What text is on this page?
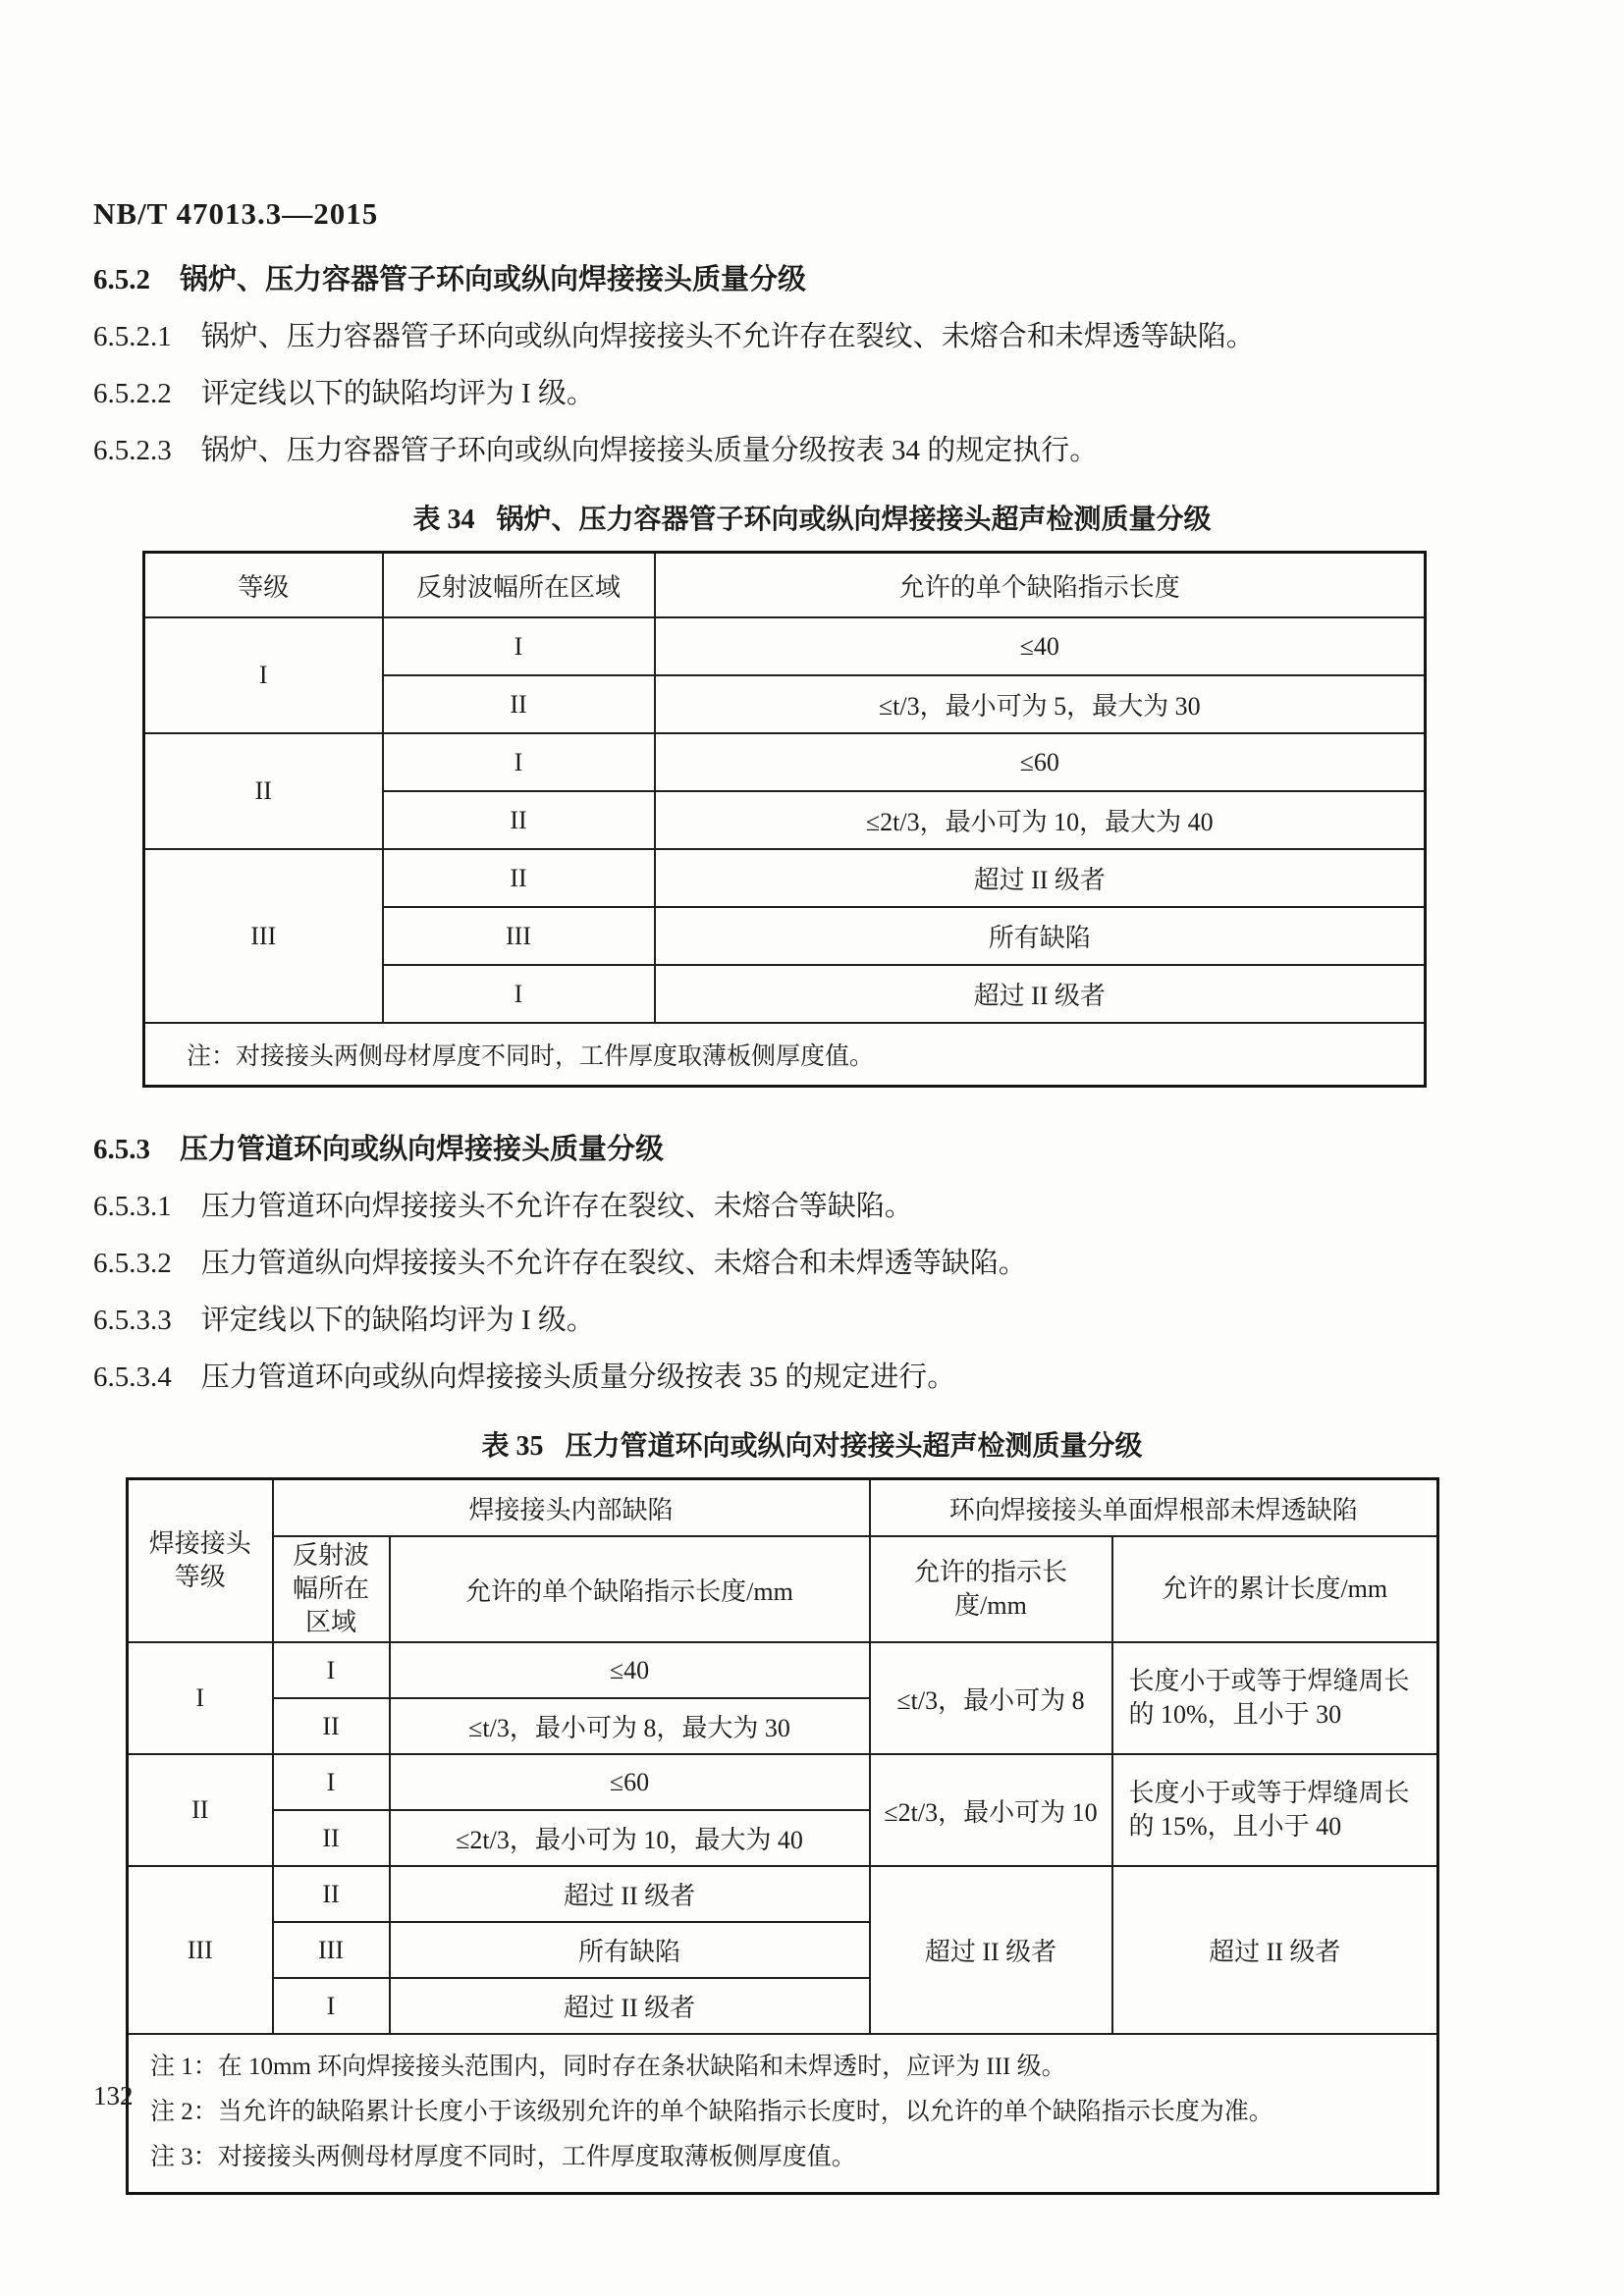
NB/T 47013.3—2015
6.5.2 锅炉、压力容器管子环向或纵向焊接接头质量分级
6.5.2.1 锅炉、压力容器管子环向或纵向焊接接头不允许存在裂纹、未熔合和未焊透等缺陷。
6.5.2.2 评定线以下的缺陷均评为 I 级。
6.5.2.3 锅炉、压力容器管子环向或纵向焊接接头质量分级按表 34 的规定执行。
表 34 锅炉、压力容器管子环向或纵向焊接接头超声检测质量分级
等级	反射波幅所在区域	允许的单个缺陷指示长度
I	I	≤40
	II	≤t/3，最小可为 5，最大为 30
II	I	≤60
	II	≤2t/3，最小可为 10，最大为 40
III	II	超过 II 级者
	III	所有缺陷
	I	超过 II 级者
注：对接接头两侧母材厚度不同时，工件厚度取薄板侧厚度值。		
6.5.3 压力管道环向或纵向焊接接头质量分级
6.5.3.1 压力管道环向焊接接头不允许存在裂纹、未熔合等缺陷。
6.5.3.2 压力管道纵向焊接接头不允许存在裂纹、未熔合和未焊透等缺陷。
6.5.3.3 评定线以下的缺陷均评为 I 级。
6.5.3.4 压力管道环向或纵向焊接接头质量分级按表 35 的规定进行。
表 35 压力管道环向或纵向对接接头超声检测质量分级
焊接接头等级	焊接接头内部缺陷		环向焊接接头单面焊根部未焊透缺陷	
	反射波幅所在区域	允许的单个缺陷指示长度/mm	允许的指示长度/mm	允许的累计长度/mm
I	I	≤40	≤t/3，最小可为 8	长度小于或等于焊缝周长的 10%，且小于 30
	II	≤t/3，最小可为 8，最大为 30		
II	I	≤60	≤2t/3，最小可为 10	长度小于或等于焊缝周长的 15%，且小于 40
	II	≤2t/3，最小可为 10，最大为 40		
III	II	超过 II 级者	超过 II 级者	超过 II 级者
	III	所有缺陷		
	I	超过 II 级者		

注 1：在 10mm 环向焊接接头范围内，同时存在条状缺陷和未焊透时，应评为 III 级。
注 2：当允许的缺陷累计长度小于该级别允许的单个缺陷指示长度时，以允许的单个缺陷指示长度为准。
注 3：对接接头两侧母材厚度不同时，工件厚度取薄板侧厚度值。				
132
